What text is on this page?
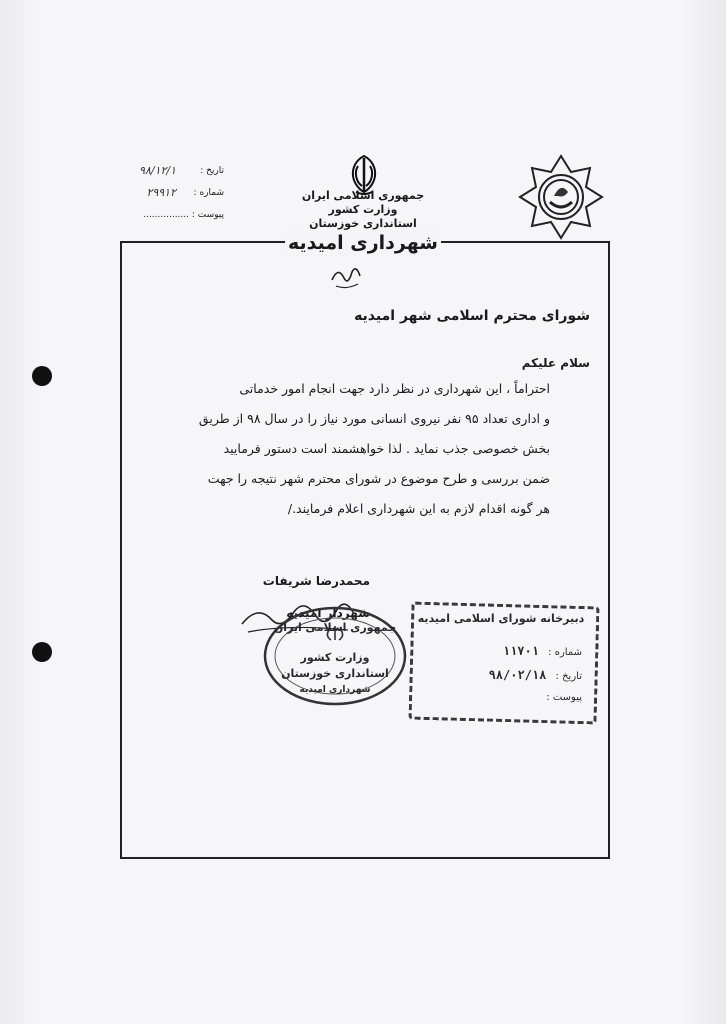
جمهوری اسلامی ایران
وزارت کشور
استانداری خوزستان
تاریخ :
۹۸/۱۲/۱
شماره :
۲۹۹۱۲
پیوست : ................
شهرداری امیدیه
شورای محترم اسلامی شهر امیدیه
سلام علیکم
احتراماً ، این شهرداری در نظر دارد جهت انجام امور خدماتی
و اداری تعداد ۹۵ نفر نیروی انسانی مورد نیاز را در سال ۹۸ از طریق
بخش خصوصی جذب نماید . لذا خواهشمند است دستور فرمایید
ضمن بررسی و طرح موضوع در شورای محترم شهر نتیجه را جهت
هر گونه اقدام لازم به این شهرداری اعلام فرمایند./
محمدرضا شریفات
شهردار امیدیه
جمهوری اسلامی ایران
وزارت کشور
استانداری خوزستان
شهرداری امیدیه
دبیرخانه شورای اسلامی امیدیه
شماره : ۱۱۷۰۱
تاریخ : ۹۸/۰۲/۱۸
پیوست :
